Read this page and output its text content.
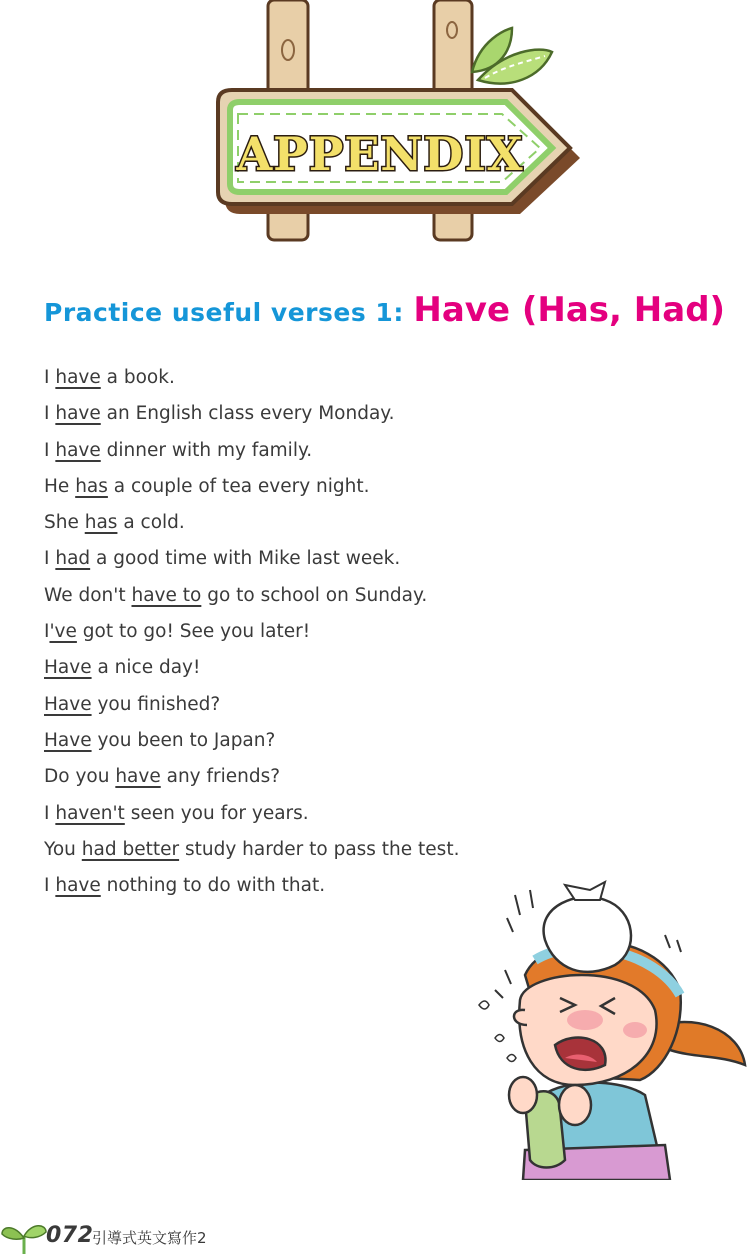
APPENDIX
Practice useful verses 1: Have (Has, Had)
I have a book.
I have an English class every Monday.
I have dinner with my family.
He has a couple of tea every night.
She has a cold.
I had a good time with Mike last week.
We don't have to go to school on Sunday.
I've got to go! See you later!
Have a nice day!
Have you finished?
Have you been to Japan?
Do you have any friends?
I haven't seen you for years.
You had better study harder to pass the test.
I have nothing to do with that.
072
引導式英文寫作2
